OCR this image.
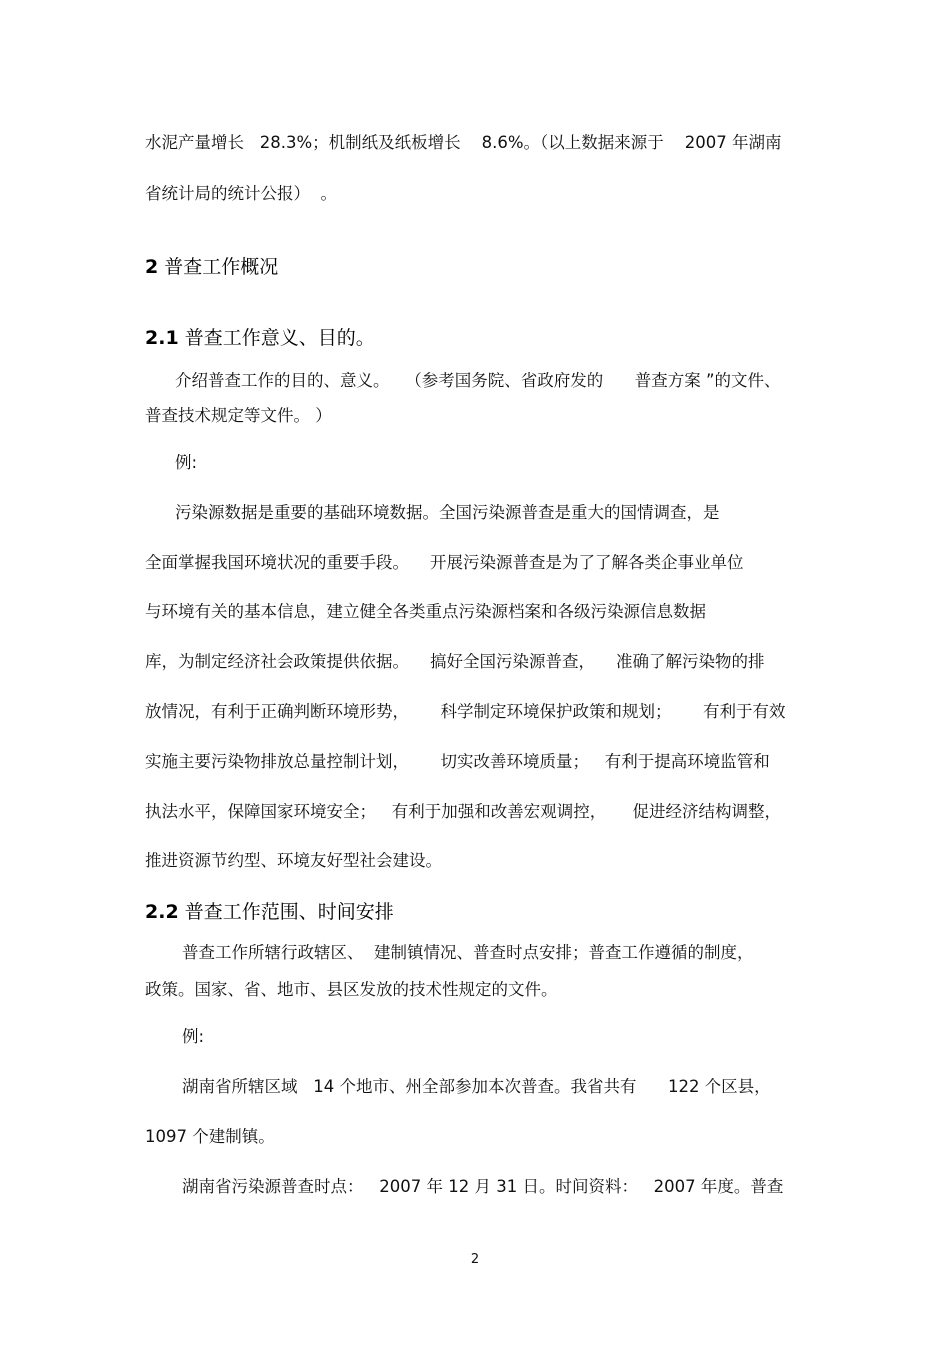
水泥产量增长   28.3%；机制纸及纸板增长    8.6%。（以上数据来源于    2007 年湖南
省统计局的统计公报）  。
2 普查工作概况
2.1 普查工作意义、目的。
介绍普查工作的目的、意义。   （参考国务院、省政府发的      普查方案 ”的文件、
普查技术规定等文件。 ）
例:
污染源数据是重要的基础环境数据。全国污染源普查是重大的国情调查，是
全面掌握我国环境状况的重要手段。    开展污染源普查是为了了解各类企事业单位
与环境有关的基本信息，建立健全各类重点污染源档案和各级污染源信息数据
库，为制定经济社会政策提供依据。    搞好全国污染源普查，    准确了解污染物的排
放情况，有利于正确判断环境形势，      科学制定环境保护政策和规划；      有利于有效
实施主要污染物排放总量控制计划，      切实改善环境质量；   有利于提高环境监管和
执法水平，保障国家环境安全；   有利于加强和改善宏观调控，     促进经济结构调整，
推进资源节约型、环境友好型社会建设。
2.2 普查工作范围、时间安排
普查工作所辖行政辖区、  建制镇情况、普查时点安排；普查工作遵循的制度，
政策。国家、省、地市、县区发放的技术性规定的文件。
例:
湖南省所辖区域   14 个地市、州全部参加本次普查。我省共有      122 个区县，
1097 个建制镇。
湖南省污染源普查时点：   2007 年 12 月 31 日。时间资料：   2007 年度。普查
2
